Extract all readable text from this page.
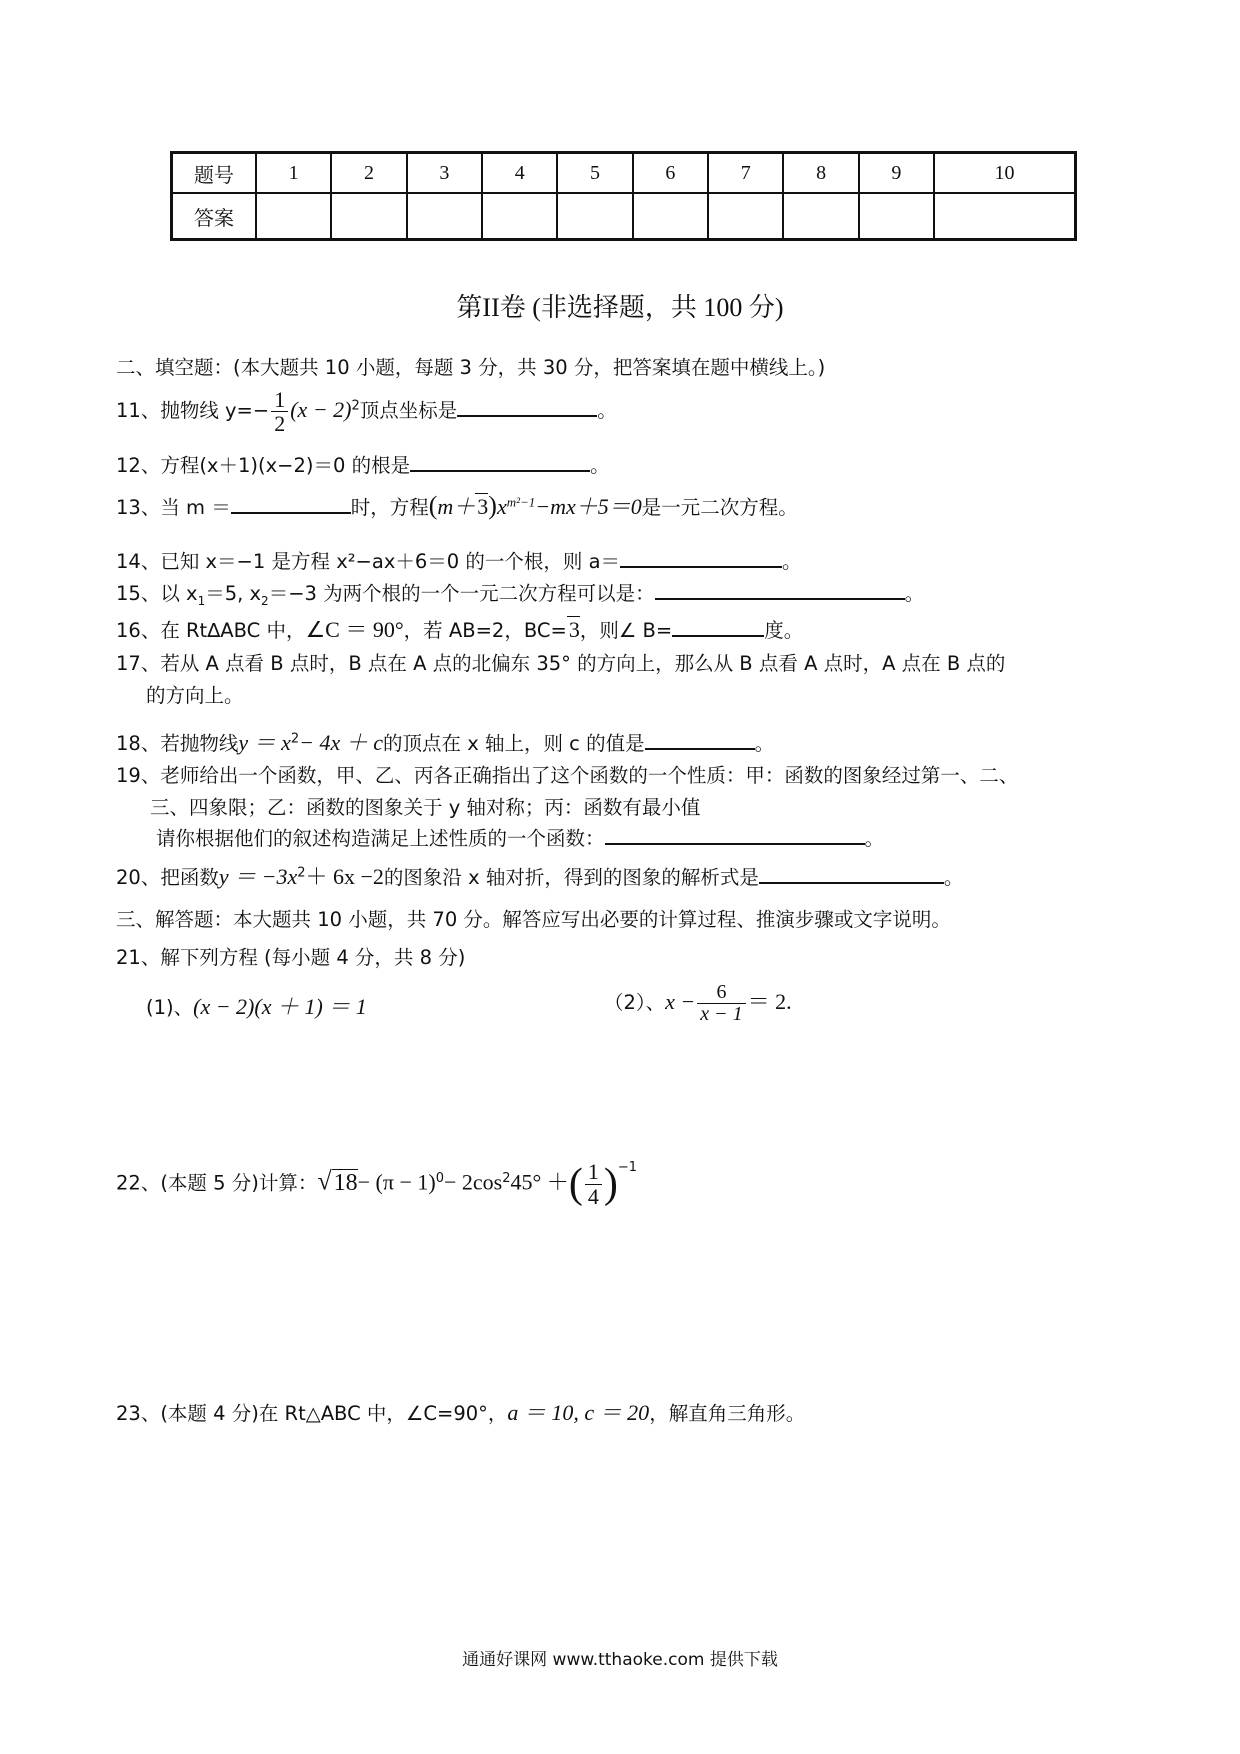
题号	1	2	3	4	5	6	7	8	9	10
答案										
第II卷 (非选择题，共 100 分)
二、填空题：(本大题共 10 小题，每题 3 分，共 30 分，把答案填在题中横线上。)
11、抛物线 $y=- \frac{1}{2} (x - 2)^2$顶点坐标是	。
12、方程(x＋1)(x−2)＝0 的根是	。
13、当 m ＝	时，方程$(m+3)x^{m^2-1}-mx+5=0$是一元二次方程。
14、已知 x＝−1 是方程 x²−ax＋6＝0 的一个根，则 a＝	。
15、以 $x_1=5$, $x_2=-3$ 为两个根的一个一元二次方程可以是：	。
16、在 Rt∆ABC 中，∠C ＝ 90°，若 AB=2，BC=3，则∠ B=	度。
17、若从 A 点看 B 点时，B 点在 A 点的北偏东 35° 的方向上，那么从 B 点看 A 点时，A 点在 B 点的
的方向上。
18、若抛物线$y = x^2- 4x + c$的顶点在 x 轴上，则 c 的值是	。
19、老师给出一个函数，甲、乙、丙各正确指出了这个函数的一个性质：甲：函数的图象经过第一、二、
三、四象限；乙：函数的图象关于 y 轴对称；丙：函数有最小值
请你根据他们的叙述构造满足上述性质的一个函数：	。
20、把函数$y = -3x^2+ 6x -2$的图象沿 x 轴对折，得到的图象的解析式是	。
三、解答题：本大题共 10 小题，共 70 分。解答应写出必要的计算过程、推演步骤或文字说明。
21、解下列方程 (每小题 4 分，共 8 分)
(1)、(x − 2)(x ＋ 1) ＝ 1	（2）、$x - \frac{6}{x - 1} = 2$.
22、(本题 5 分)计算：$√18- (\pi - 1)^0- 2\cos^245^\circ$ ＋( $\frac{1}{4} )^{-1}$
23、(本题 4 分)在 Rt△ABC 中，∠C=90°，a ＝ 10, c ＝ 20，解直角三角形。
通通好课网 www.tthaoke.com 提供下载
